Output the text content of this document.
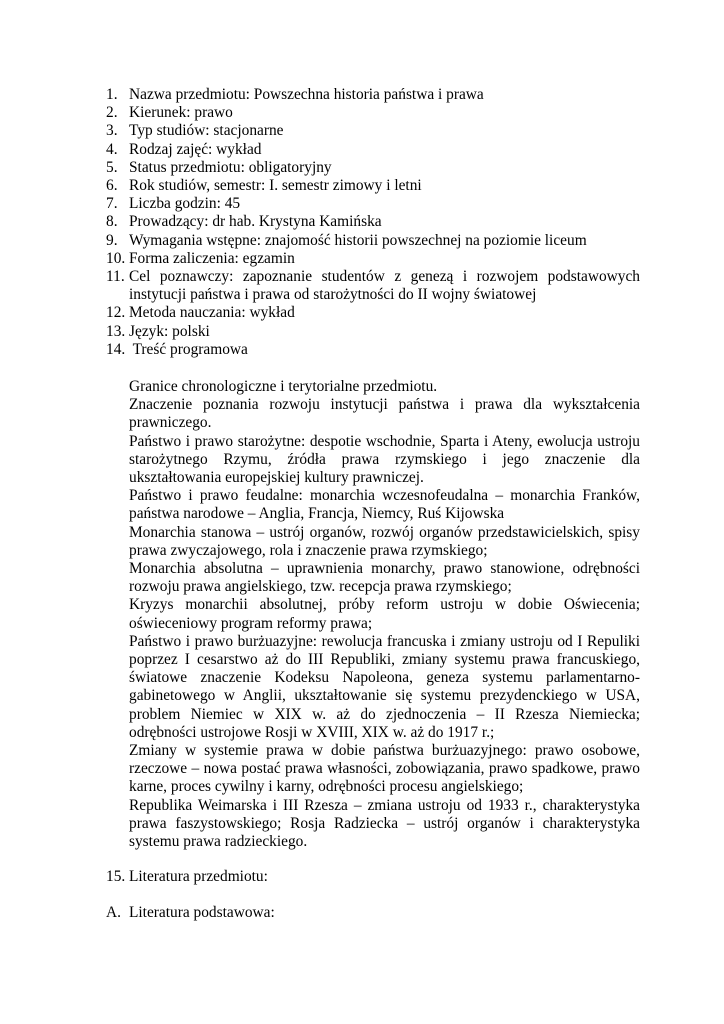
1. Nazwa przedmiotu: Powszechna historia państwa i prawa
2. Kierunek: prawo
3. Typ studiów: stacjonarne
4. Rodzaj zajęć: wykład
5. Status przedmiotu: obligatoryjny
6. Rok studiów, semestr: I. semestr zimowy i letni
7. Liczba godzin: 45
8. Prowadzący: dr hab. Krystyna Kamińska
9. Wymagania wstępne: znajomość historii powszechnej na poziomie liceum
10. Forma zaliczenia: egzamin
11. Cel poznawczy: zapoznanie studentów z genezą i rozwojem podstawowych instytucji państwa i prawa od starożytności do II wojny światowej
12. Metoda nauczania: wykład
13. Język: polski
14. Treść programowa

Granice chronologiczne i terytorialne przedmiotu.

Znaczenie poznania rozwoju instytucji państwa i prawa dla wykształcenia prawniczego.

Państwo i prawo starożytne: despotie wschodnie, Sparta i Ateny, ewolucja ustroju starożytnego Rzymu, źródła prawa rzymskiego i jego znaczenie dla ukształtowania europejskiej kultury prawniczej.

Państwo i prawo feudalne: monarchia wczesnofeudalna – monarchia Franków, państwa narodowe – Anglia, Francja, Niemcy, Ruś Kijowska

Monarchia stanowa – ustrój organów, rozwój organów przedstawicielskich, spisy prawa zwyczajowego, rola i znaczenie prawa rzymskiego;

Monarchia absolutna – uprawnienia monarchy, prawo stanowione, odrębności rozwoju prawa angielskiego, tzw. recepcja prawa rzymskiego;

Kryzys monarchii absolutnej, próby reform ustroju w dobie Oświecenia; oświeceniowy program reformy prawa;

Państwo i prawo burżuazyjne: rewolucja francuska i zmiany ustroju od I Repuliki poprzez I cesarstwo aż do III Republiki, zmiany systemu prawa francuskiego, światowe znaczenie Kodeksu Napoleona, geneza systemu parlamentarno-gabinetowego w Anglii, ukształtowanie się systemu prezydenckiego w USA, problem Niemiec w XIX w. aż do zjednoczenia – II Rzesza Niemiecka; odrębności ustrojowe Rosji w XVIII, XIX w. aż do 1917 r.;

Zmiany w systemie prawa w dobie państwa burżuazyjnego: prawo osobowe, rzeczowe – nowa postać prawa własności, zobowiązania, prawo spadkowe, prawo karne, proces cywilny i karny, odrębności procesu angielskiego;

Republika Weimarska i III Rzesza – zmiana ustroju od 1933 r., charakterystyka prawa faszystowskiego; Rosja Radziecka – ustrój organów i charakterystyka systemu prawa radzieckiego.

15. Literatura przedmiotu:
A. Literatura podstawowa:
